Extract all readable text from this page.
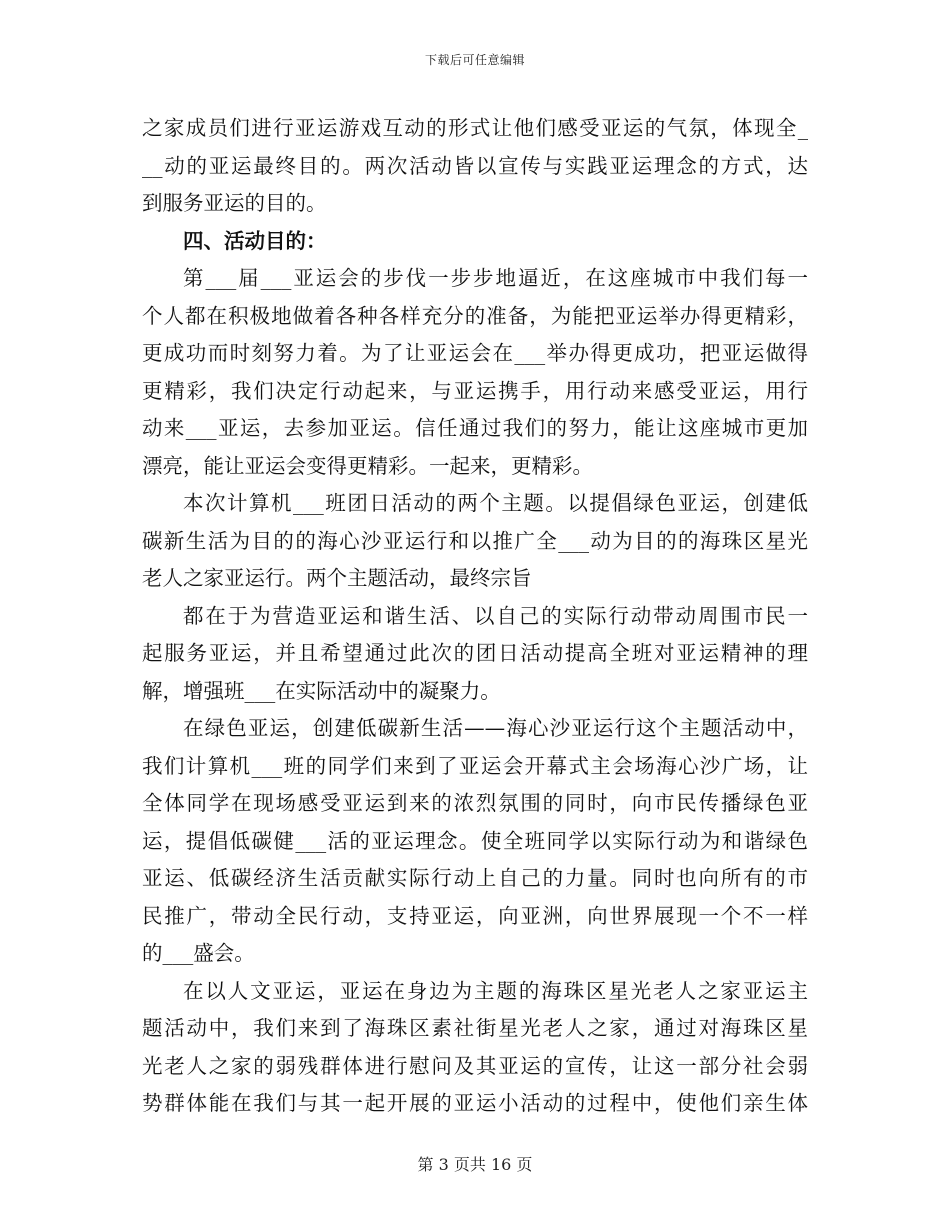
下载后可任意编辑
之家成员们进行亚运游戏互动的形式让他们感受亚运的气氛，体现全_
__动的亚运最终目的。两次活动皆以宣传与实践亚运理念的方式，达
到服务亚运的目的。
四、活动目的：
第___届___亚运会的步伐一步步地逼近，在这座城市中我们每一
个人都在积极地做着各种各样充分的准备，为能把亚运举办得更精彩，
更成功而时刻努力着。为了让亚运会在___举办得更成功，把亚运做得
更精彩，我们决定行动起来，与亚运携手，用行动来感受亚运，用行
动来___亚运，去参加亚运。信任通过我们的努力，能让这座城市更加
漂亮，能让亚运会变得更精彩。一起来，更精彩。
本次计算机___班团日活动的两个主题。以提倡绿色亚运，创建低
碳新生活为目的的海心沙亚运行和以推广全___动为目的的海珠区星光
老人之家亚运行。两个主题活动，最终宗旨
都在于为营造亚运和谐生活、以自己的实际行动带动周围市民一
起服务亚运，并且希望通过此次的团日活动提高全班对亚运精神的理
解，增强班___在实际活动中的凝聚力。
在绿色亚运，创建低碳新生活——海心沙亚运行这个主题活动中，
我们计算机___班的同学们来到了亚运会开幕式主会场海心沙广场，让
全体同学在现场感受亚运到来的浓烈氛围的同时，向市民传播绿色亚
运，提倡低碳健___活的亚运理念。使全班同学以实际行动为和谐绿色
亚运、低碳经济生活贡献实际行动上自己的力量。同时也向所有的市
民推广，带动全民行动，支持亚运，向亚洲，向世界展现一个不一样
的___盛会。
在以人文亚运，亚运在身边为主题的海珠区星光老人之家亚运主
题活动中，我们来到了海珠区素社街星光老人之家，通过对海珠区星
光老人之家的弱残群体进行慰问及其亚运的宣传，让这一部分社会弱
势群体能在我们与其一起开展的亚运小活动的过程中，使他们亲生体
第 3 页共 16 页
